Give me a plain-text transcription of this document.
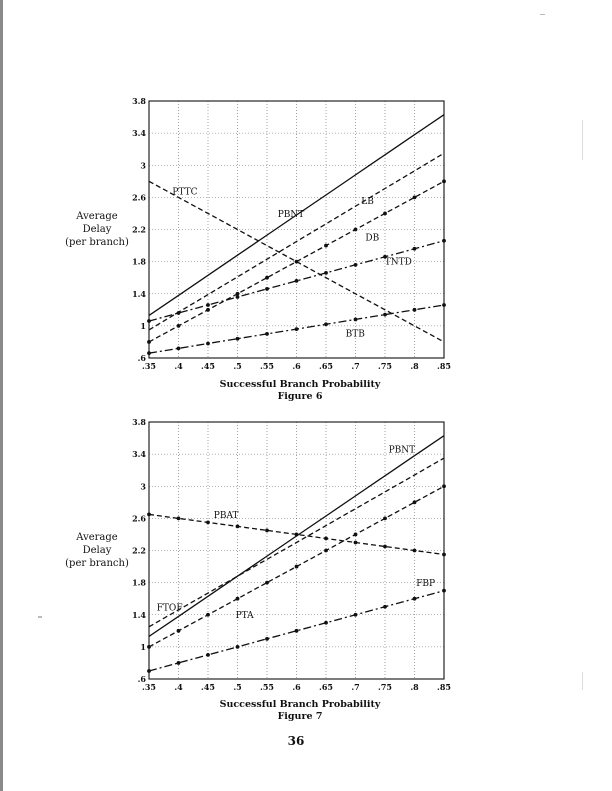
Average
Delay
(per branch)
.35 .4 .45 .5 .55 .6 .65 .7 .75 .8 .85
.6
1
1.4
1.8
2.2
2.6
3
3.4
3.8
PBNT
LB
DB
PTTC
TNTD
BTB
Successful Branch Probability
Figure 6
Average
Delay
(per branch)
.35 .4 .45 .5 .55 .6 .65 .7 .75 .8 .85
.6
1
1.4
1.8
2.2
2.6
3
3.4
3.8
PBNT
FTOF
PTA
PBAT
FBP
Successful Branch Probability
Figure 7
36
